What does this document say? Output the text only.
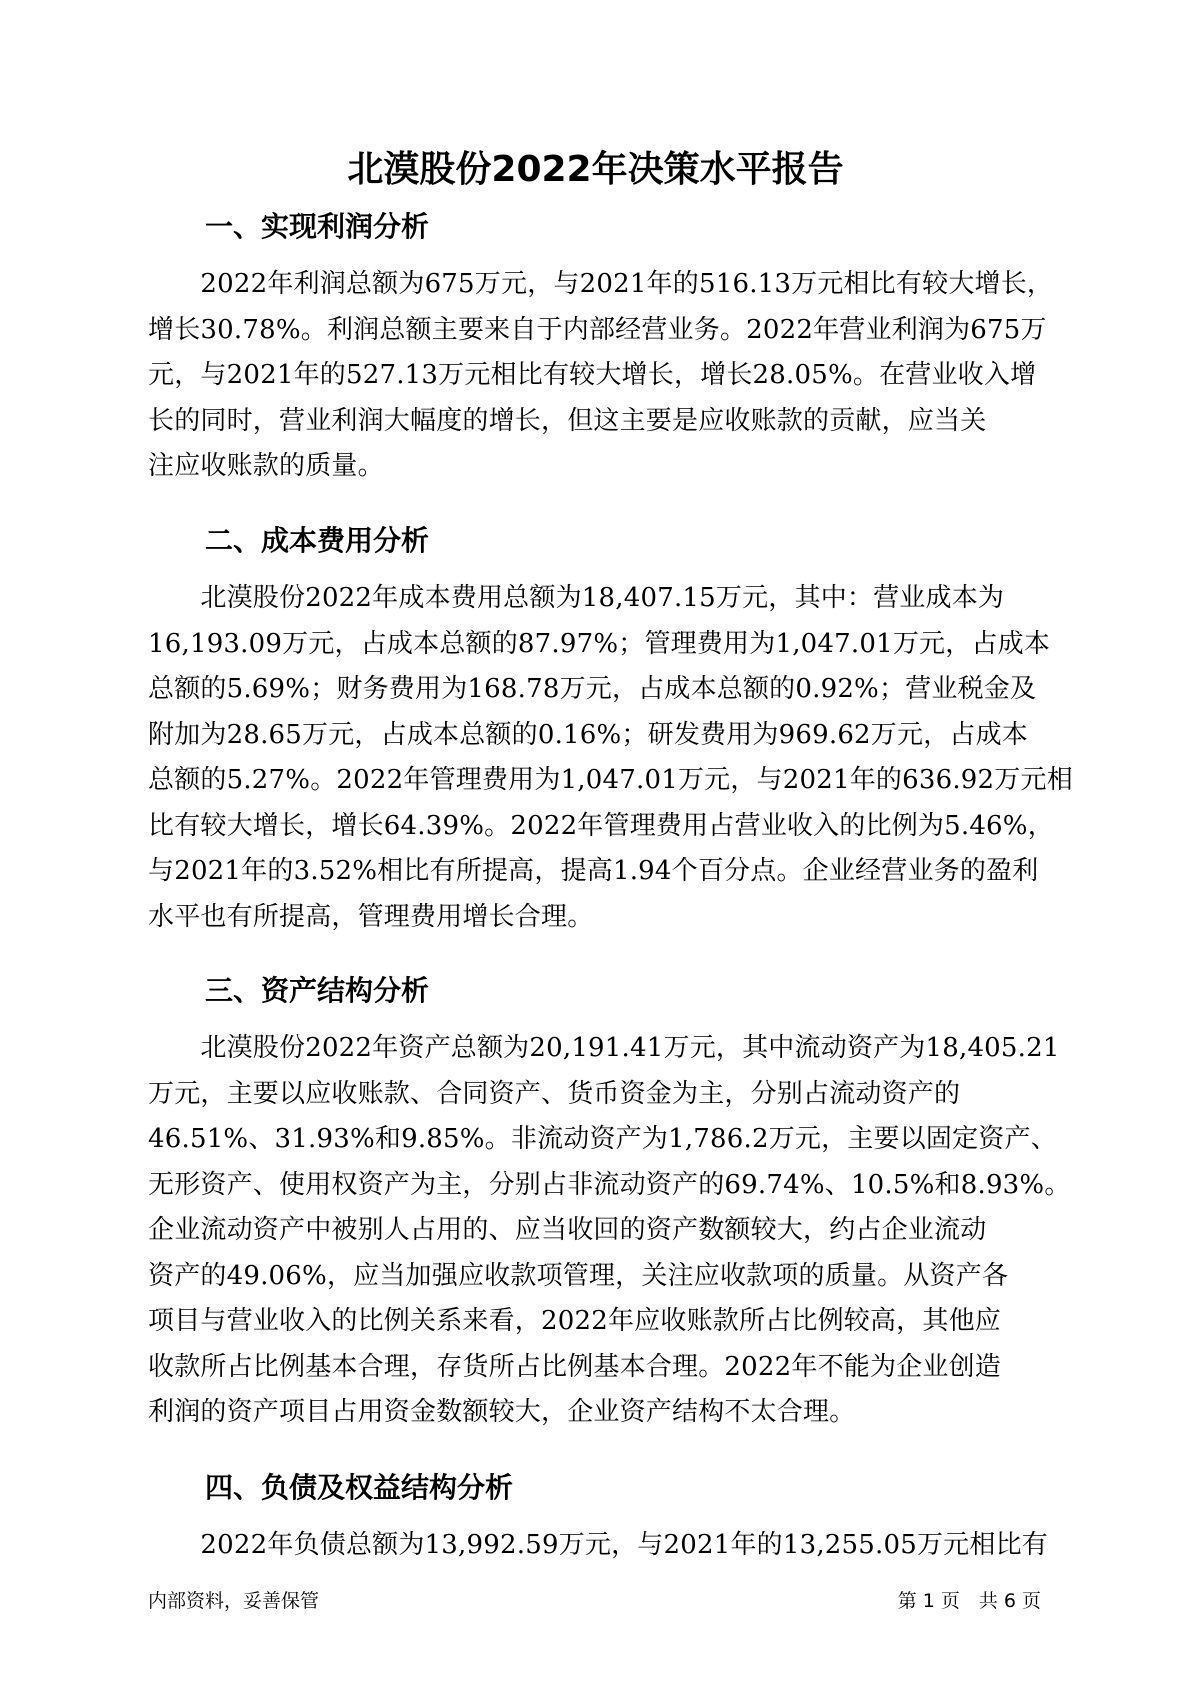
北漠股份2022年决策水平报告
一、实现利润分析
　　2022年利润总额为675万元，与2021年的516.13万元相比有较大增长，
增长30.78%。利润总额主要来自于内部经营业务。2022年营业利润为675万
元，与2021年的527.13万元相比有较大增长，增长28.05%。在营业收入增
长的同时，营业利润大幅度的增长，但这主要是应收账款的贡献，应当关
注应收账款的质量。
二、成本费用分析
　　北漠股份2022年成本费用总额为18,407.15万元，其中：营业成本为
16,193.09万元，占成本总额的87.97%；管理费用为1,047.01万元，占成本
总额的5.69%；财务费用为168.78万元，占成本总额的0.92%；营业税金及
附加为28.65万元，占成本总额的0.16%；研发费用为969.62万元，占成本
总额的5.27%。2022年管理费用为1,047.01万元，与2021年的636.92万元相
比有较大增长，增长64.39%。2022年管理费用占营业收入的比例为5.46%，
与2021年的3.52%相比有所提高，提高1.94个百分点。企业经营业务的盈利
水平也有所提高，管理费用增长合理。
三、资产结构分析
　　北漠股份2022年资产总额为20,191.41万元，其中流动资产为18,405.21
万元，主要以应收账款、合同资产、货币资金为主，分别占流动资产的
46.51%、31.93%和9.85%。非流动资产为1,786.2万元，主要以固定资产、
无形资产、使用权资产为主，分别占非流动资产的69.74%、10.5%和8.93%。
企业流动资产中被别人占用的、应当收回的资产数额较大，约占企业流动
资产的49.06%，应当加强应收款项管理，关注应收款项的质量。从资产各
项目与营业收入的比例关系来看，2022年应收账款所占比例较高，其他应
收款所占比例基本合理，存货所占比例基本合理。2022年不能为企业创造
利润的资产项目占用资金数额较大，企业资产结构不太合理。
四、负债及权益结构分析
　　2022年负债总额为13,992.59万元，与2021年的13,255.05万元相比有
内部资料，妥善保管	第 1 页　共 6 页
